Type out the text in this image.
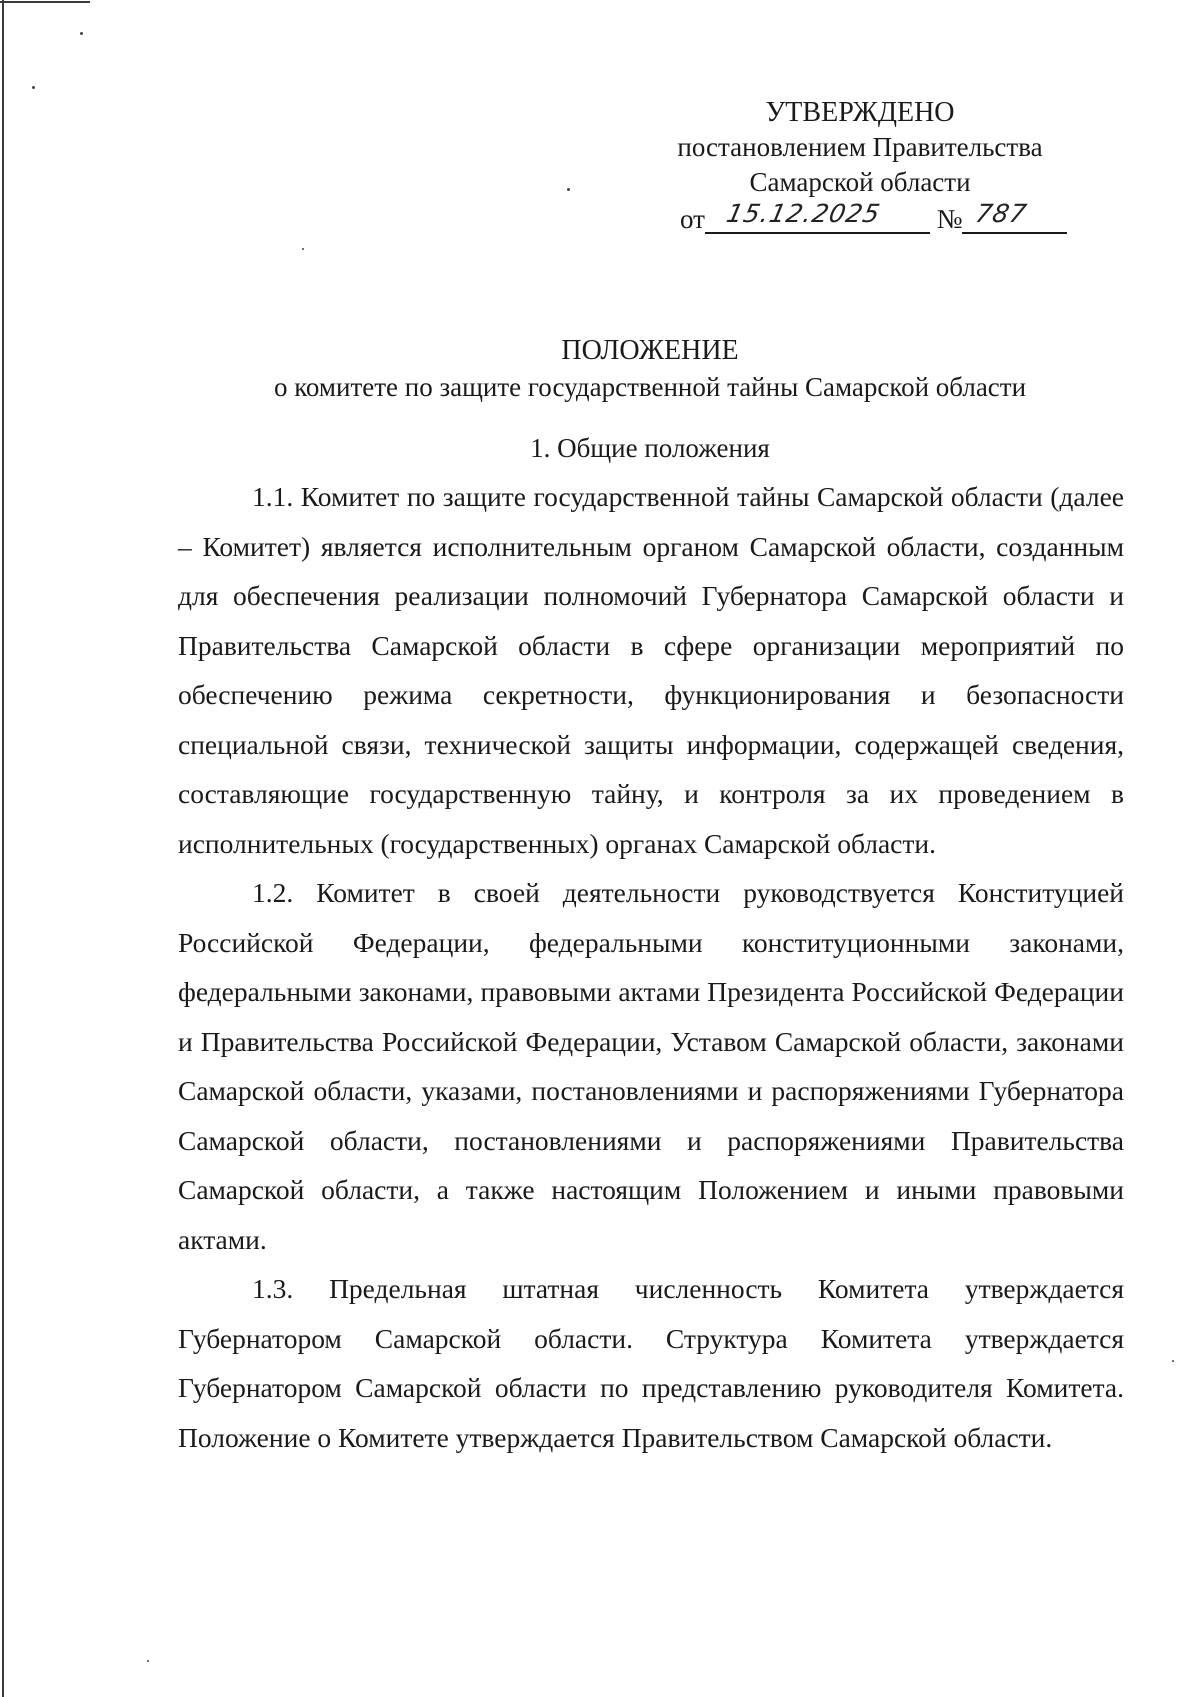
УТВЕРЖДЕНО
постановлением Правительства
Самарской области
от 15.12.2025 № 787
ПОЛОЖЕНИЕ
о комитете по защите государственной тайны Самарской области
1. Общие положения

1.1. Комитет по защите государственной тайны Самарской области (далее – Комитет) является исполнительным органом Самарской области, созданным для обеспечения реализации полномочий Губернатора Самарской области и Правительства Самарской области в сфере организации мероприятий по обеспечению режима секретности, функционирования и безопасности специальной связи, технической защиты информации, содержащей сведения, составляющие государственную тайну, и контроля за их проведением в исполнительных (государственных) органах Самарской области.

1.2. Комитет в своей деятельности руководствуется Конституцией Российской Федерации, федеральными конституционными законами, федеральными законами, правовыми актами Президента Российской Федерации и Правительства Российской Федерации, Уставом Самарской области, законами Самарской области, указами, постановлениями и распоряжениями Губернатора Самарской области, постановлениями и распоряжениями Правительства Самарской области, а также настоящим Положением и иными правовыми актами.

1.3. Предельная штатная численность Комитета утверждается Губернатором Самарской области. Структура Комитета утверждается Губернатором Самарской области по представлению руководителя Комитета. Положение о Комитете утверждается Правительством Самарской области.
